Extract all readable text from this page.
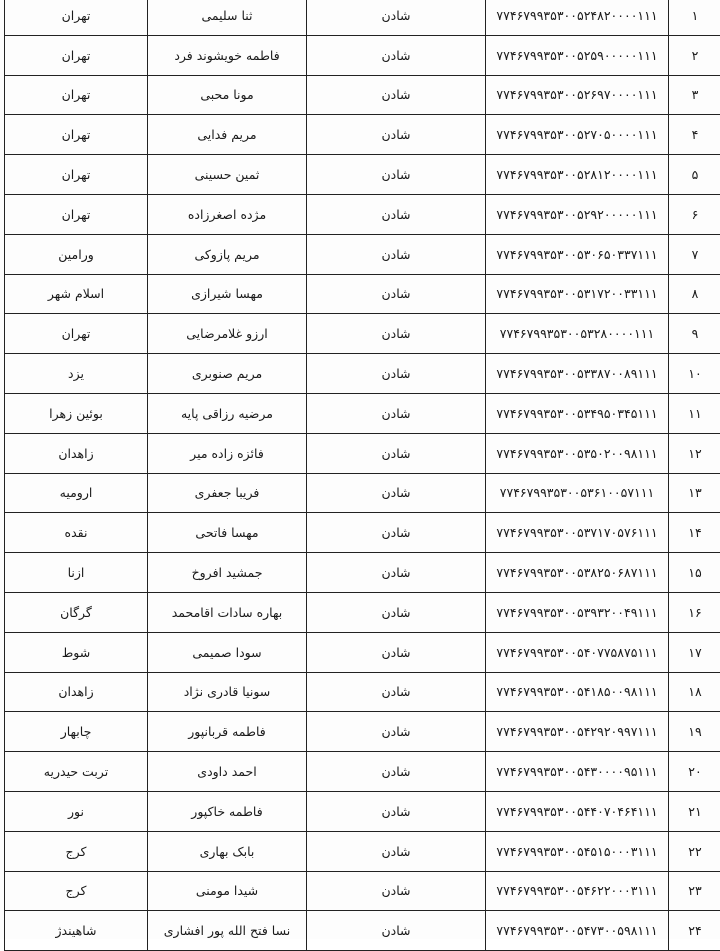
۱	۷۷۴۶۷۹۹۳۵۳۰۰۵۲۴۸۲۰۰۰۰۱۱۱	شادن	ثنا سلیمی	تهران
۲	۷۷۴۶۷۹۹۳۵۳۰۰۵۲۵۹۰۰۰۰۰۱۱۱	شادن	فاطمه خویشوند فرد	تهران
۳	۷۷۴۶۷۹۹۳۵۳۰۰۵۲۶۹۷۰۰۰۰۱۱۱	شادن	مونا محبی	تهران
۴	۷۷۴۶۷۹۹۳۵۳۰۰۵۲۷۰۵۰۰۰۰۱۱۱	شادن	مریم فدایی	تهران
۵	۷۷۴۶۷۹۹۳۵۳۰۰۵۲۸۱۲۰۰۰۰۱۱۱	شادن	ثمین حسینی	تهران
۶	۷۷۴۶۷۹۹۳۵۳۰۰۵۲۹۲۰۰۰۰۰۱۱۱	شادن	مژده اصغرزاده	تهران
۷	۷۷۴۶۷۹۹۳۵۳۰۰۵۳۰۶۵۰۳۳۷۱۱۱	شادن	مریم پازوکی	ورامین
۸	۷۷۴۶۷۹۹۳۵۳۰۰۵۳۱۷۲۰۰۳۳۱۱۱	شادن	مهسا شیرازی	اسلام شهر
۹	۷۷۴۶۷۹۹۳۵۳۰۰۵۳۲۸۰۰۰۰۱۱۱	شادن	ارزو غلامرضایی	تهران
۱۰	۷۷۴۶۷۹۹۳۵۳۰۰۵۳۳۸۷۰۰۸۹۱۱۱	شادن	مریم صنوبری	یزد
۱۱	۷۷۴۶۷۹۹۳۵۳۰۰۵۳۴۹۵۰۳۴۵۱۱۱	شادن	مرضیه رزاقی پایه	بوئین زهرا
۱۲	۷۷۴۶۷۹۹۳۵۳۰۰۵۳۵۰۲۰۰۹۸۱۱۱	شادن	فائزه زاده میر	زاهدان
۱۳	۷۷۴۶۷۹۹۳۵۳۰۰۵۳۶۱۰۰۵۷۱۱۱	شادن	فریبا جعفری	ارومیه
۱۴	۷۷۴۶۷۹۹۳۵۳۰۰۵۳۷۱۷۰۵۷۶۱۱۱	شادن	مهسا فاتحی	نقده
۱۵	۷۷۴۶۷۹۹۳۵۳۰۰۵۳۸۲۵۰۶۸۷۱۱۱	شادن	جمشید افروخ	ازنا
۱۶	۷۷۴۶۷۹۹۳۵۳۰۰۵۳۹۳۲۰۰۴۹۱۱۱	شادن	بهاره سادات اقامحمد	گرگان
۱۷	۷۷۴۶۷۹۹۳۵۳۰۰۵۴۰۷۷۵۸۷۵۱۱۱	شادن	سودا صمیمی	شوط
۱۸	۷۷۴۶۷۹۹۳۵۳۰۰۵۴۱۸۵۰۰۹۸۱۱۱	شادن	سونیا قادری نژاد	زاهدان
۱۹	۷۷۴۶۷۹۹۳۵۳۰۰۵۴۲۹۲۰۹۹۷۱۱۱	شادن	فاطمه قربانپور	چابهار
۲۰	۷۷۴۶۷۹۹۳۵۳۰۰۵۴۳۰۰۰۰۹۵۱۱۱	شادن	احمد داودی	تربت حیدریه
۲۱	۷۷۴۶۷۹۹۳۵۳۰۰۵۴۴۰۷۰۴۶۴۱۱۱	شادن	فاطمه خاکپور	نور
۲۲	۷۷۴۶۷۹۹۳۵۳۰۰۵۴۵۱۵۰۰۰۳۱۱۱	شادن	بابک بهاری	کرج
۲۳	۷۷۴۶۷۹۹۳۵۳۰۰۵۴۶۲۲۰۰۰۳۱۱۱	شادن	شیدا مومنی	کرج
۲۴	۷۷۴۶۷۹۹۳۵۳۰۰۵۴۷۳۰۰۵۹۸۱۱۱	شادن	نسا فتح الله پور افشاری	شاهیندژ
